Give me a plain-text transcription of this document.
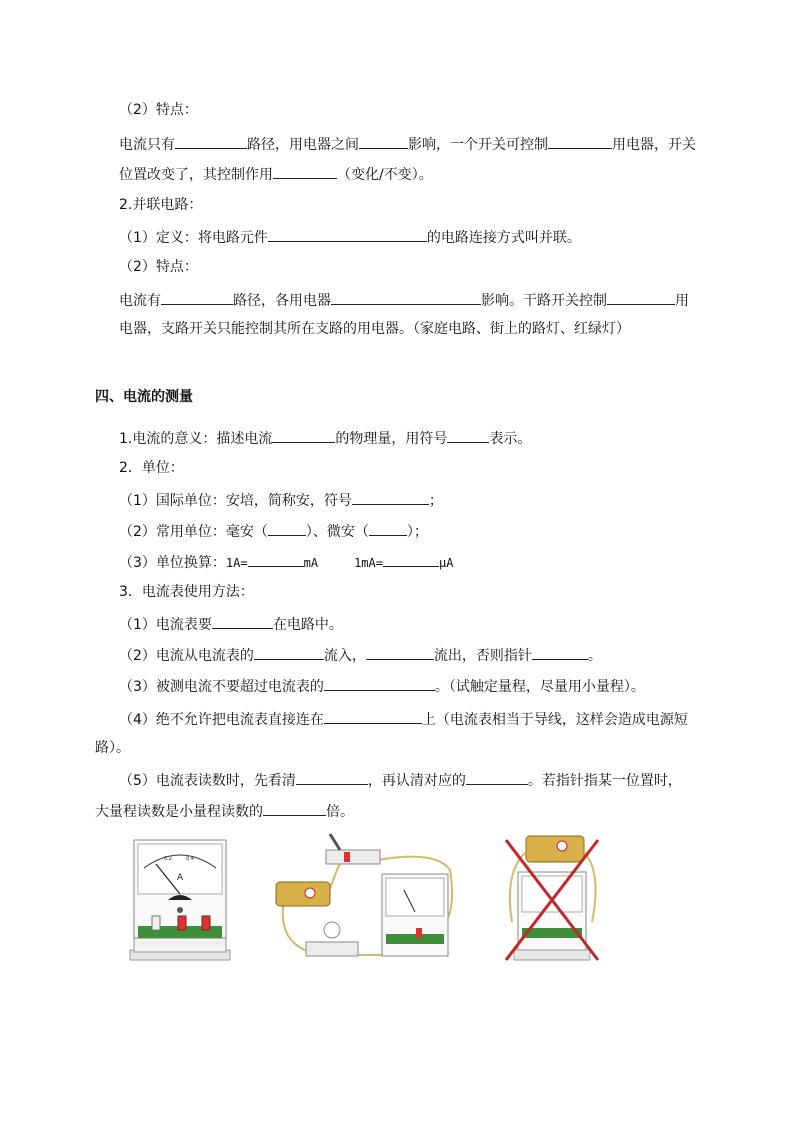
（2）特点：
电流只有	路径，用电器之间	影响，一个开关可控制	用电器，开关
位置改变了，其控制作用	（变化/不变）。
2.并联电路：
（1）定义：将电路元件	的电路连接方式叫并联。
（2）特点：
电流有	路径，各用电器	影响。干路开关控制	用
电器，支路开关只能控制其所在支路的用电器。（家庭电路、街上的路灯、红绿灯）
四、电流的测量
1.电流的意义：描述电流	的物理量，用符号	表示。
2．单位：
（1）国际单位：安培，简称安，符号	；
（2）常用单位：毫安（	）、微安（	）；
（3）单位换算：1A=	mA	1mA=	μA
3．电流表使用方法：
（1）电流表要	在电路中。
（2）电流从电流表的	流入，	流出，否则指针	。
（3）被测电流不要超过电流表的	。（试触定量程，尽量用小量程）。
（4）绝不允许把电流表直接连在	上（电流表相当于导线，这样会造成电源短
路）。
（5）电流表读数时，先看清	，再认清对应的	。若指针指某一位置时，
大量程读数是小量程读数的	倍。
A
0.2	0.4
